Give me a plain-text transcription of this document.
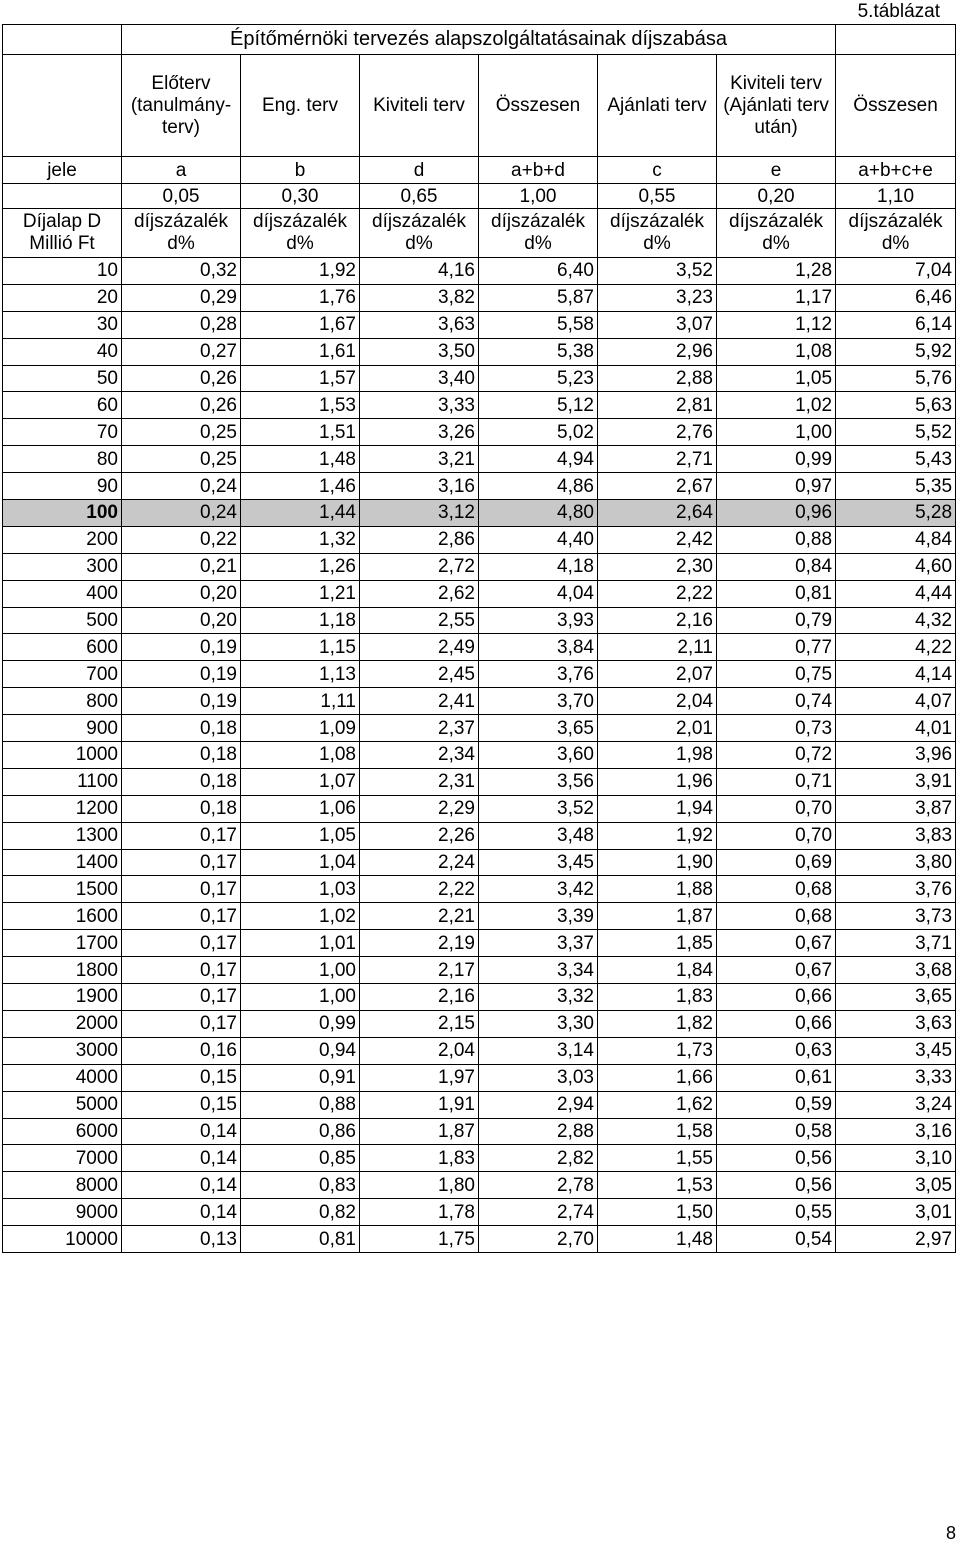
5.táblázat
	Építőmérnöki tervezés alapszolgáltatásainak díjszabása						
	Előterv (tanulmány-terv)	Eng. terv	Kiviteli terv	Összesen	Ajánlati terv	Kiviteli terv (Ajánlati terv után)	Összesen
jele	a	b	d	a+b+d	c	e	a+b+c+e
	0,05	0,30	0,65	1,00	0,55	0,20	1,10
Díjalap D Millió Ft	díjszázalék d%	díjszázalék d%	díjszázalék d%	díjszázalék d%	díjszázalék d%	díjszázalék d%	díjszázalék d%
10	0,32	1,92	4,16	6,40	3,52	1,28	7,04
20	0,29	1,76	3,82	5,87	3,23	1,17	6,46
30	0,28	1,67	3,63	5,58	3,07	1,12	6,14
40	0,27	1,61	3,50	5,38	2,96	1,08	5,92
50	0,26	1,57	3,40	5,23	2,88	1,05	5,76
60	0,26	1,53	3,33	5,12	2,81	1,02	5,63
70	0,25	1,51	3,26	5,02	2,76	1,00	5,52
80	0,25	1,48	3,21	4,94	2,71	0,99	5,43
90	0,24	1,46	3,16	4,86	2,67	0,97	5,35
100	0,24	1,44	3,12	4,80	2,64	0,96	5,28
200	0,22	1,32	2,86	4,40	2,42	0,88	4,84
300	0,21	1,26	2,72	4,18	2,30	0,84	4,60
400	0,20	1,21	2,62	4,04	2,22	0,81	4,44
500	0,20	1,18	2,55	3,93	2,16	0,79	4,32
600	0,19	1,15	2,49	3,84	2,11	0,77	4,22
700	0,19	1,13	2,45	3,76	2,07	0,75	4,14
800	0,19	1,11	2,41	3,70	2,04	0,74	4,07
900	0,18	1,09	2,37	3,65	2,01	0,73	4,01
1000	0,18	1,08	2,34	3,60	1,98	0,72	3,96
1100	0,18	1,07	2,31	3,56	1,96	0,71	3,91
1200	0,18	1,06	2,29	3,52	1,94	0,70	3,87
1300	0,17	1,05	2,26	3,48	1,92	0,70	3,83
1400	0,17	1,04	2,24	3,45	1,90	0,69	3,80
1500	0,17	1,03	2,22	3,42	1,88	0,68	3,76
1600	0,17	1,02	2,21	3,39	1,87	0,68	3,73
1700	0,17	1,01	2,19	3,37	1,85	0,67	3,71
1800	0,17	1,00	2,17	3,34	1,84	0,67	3,68
1900	0,17	1,00	2,16	3,32	1,83	0,66	3,65
2000	0,17	0,99	2,15	3,30	1,82	0,66	3,63
3000	0,16	0,94	2,04	3,14	1,73	0,63	3,45
4000	0,15	0,91	1,97	3,03	1,66	0,61	3,33
5000	0,15	0,88	1,91	2,94	1,62	0,59	3,24
6000	0,14	0,86	1,87	2,88	1,58	0,58	3,16
7000	0,14	0,85	1,83	2,82	1,55	0,56	3,10
8000	0,14	0,83	1,80	2,78	1,53	0,56	3,05
9000	0,14	0,82	1,78	2,74	1,50	0,55	3,01
10000	0,13	0,81	1,75	2,70	1,48	0,54	2,97
8
